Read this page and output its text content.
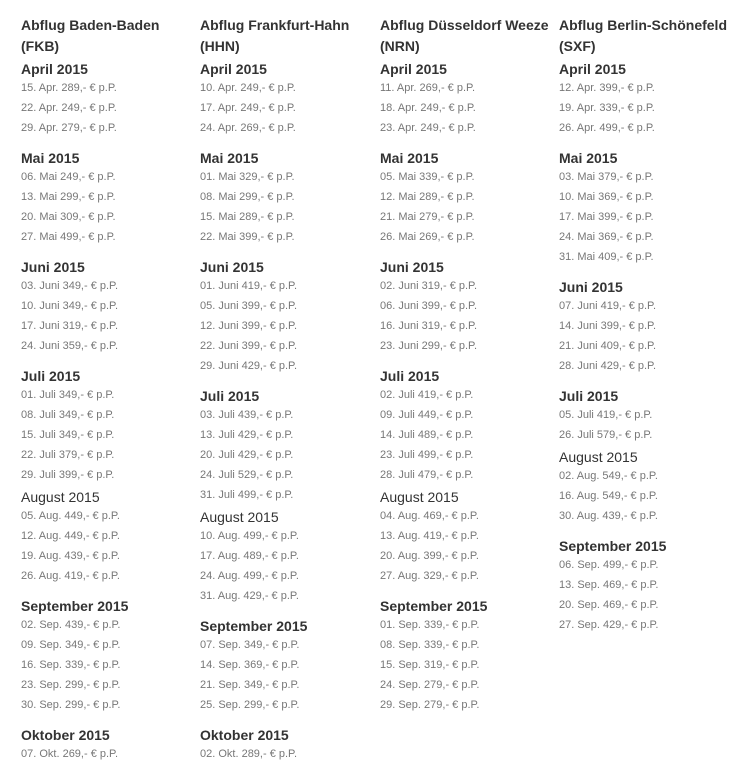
Abflug Baden-Baden
(FKB)
April 2015
15. Apr. 289,- € p.P.
22. Apr. 249,- € p.P.
29. Apr. 279,- € p.P.
Mai 2015
06. Mai 249,- € p.P.
13. Mai 299,- € p.P.
20. Mai 309,- € p.P.
27. Mai 499,- € p.P.
Juni 2015
03. Juni 349,- € p.P.
10. Juni 349,- € p.P.
17. Juni 319,- € p.P.
24. Juni 359,- € p.P.
Juli 2015
01. Juli 349,- € p.P.
08. Juli 349,- € p.P.
15. Juli 349,- € p.P.
22. Juli 379,- € p.P.
29. Juli 399,- € p.P.
August 2015
05. Aug. 449,- € p.P.
12. Aug. 449,- € p.P.
19. Aug. 439,- € p.P.
26. Aug. 419,- € p.P.
September 2015
02. Sep. 439,- € p.P.
09. Sep. 349,- € p.P.
16. Sep. 339,- € p.P.
23. Sep. 299,- € p.P.
30. Sep. 299,- € p.P.
Oktober 2015
07. Okt. 269,- € p.P.
Abflug Frankfurt-Hahn
(HHN)
April 2015
10. Apr. 249,- € p.P.
17. Apr. 249,- € p.P.
24. Apr. 269,- € p.P.
Mai 2015
01. Mai 329,- € p.P.
08. Mai 299,- € p.P.
15. Mai 289,- € p.P.
22. Mai 399,- € p.P.
Juni 2015
01. Juni 419,- € p.P.
05. Juni 399,- € p.P.
12. Juni 399,- € p.P.
22. Juni 399,- € p.P.
29. Juni 429,- € p.P.
Juli 2015
03. Juli 439,- € p.P.
13. Juli 429,- € p.P.
20. Juli 429,- € p.P.
24. Juli 529,- € p.P.
31. Juli 499,- € p.P.
August 2015
10. Aug. 499,- € p.P.
17. Aug. 489,- € p.P.
24. Aug. 499,- € p.P.
31. Aug. 429,- € p.P.
September 2015
07. Sep. 349,- € p.P.
14. Sep. 369,- € p.P.
21. Sep. 349,- € p.P.
25. Sep. 299,- € p.P.
Oktober 2015
02. Okt. 289,- € p.P.
Abflug Düsseldorf Weeze
(NRN)
April 2015
11. Apr. 269,- € p.P.
18. Apr. 249,- € p.P.
23. Apr. 249,- € p.P.
Mai 2015
05. Mai 339,- € p.P.
12. Mai 289,- € p.P.
21. Mai 279,- € p.P.
26. Mai 269,- € p.P.
Juni 2015
02. Juni 319,- € p.P.
06. Juni 399,- € p.P.
16. Juni 319,- € p.P.
23. Juni 299,- € p.P.
Juli 2015
02. Juli 419,- € p.P.
09. Juli 449,- € p.P.
14. Juli 489,- € p.P.
23. Juli 499,- € p.P.
28. Juli 479,- € p.P.
August 2015
04. Aug. 469,- € p.P.
13. Aug. 419,- € p.P.
20. Aug. 399,- € p.P.
27. Aug. 329,- € p.P.
September 2015
01. Sep. 339,- € p.P.
08. Sep. 339,- € p.P.
15. Sep. 319,- € p.P.
24. Sep. 279,- € p.P.
29. Sep. 279,- € p.P.
Abflug Berlin-Schönefeld
(SXF)
April 2015
12. Apr. 399,- € p.P.
19. Apr. 339,- € p.P.
26. Apr. 499,- € p.P.
Mai 2015
03. Mai 379,- € p.P.
10. Mai 369,- € p.P.
17. Mai 399,- € p.P.
24. Mai 369,- € p.P.
31. Mai 409,- € p.P.
Juni 2015
07. Juni 419,- € p.P.
14. Juni 399,- € p.P.
21. Juni 409,- € p.P.
28. Juni 429,- € p.P.
Juli 2015
05. Juli 419,- € p.P.
26. Juli 579,- € p.P.
August 2015
02. Aug. 549,- € p.P.
16. Aug. 549,- € p.P.
30. Aug. 439,- € p.P.
September 2015
06. Sep. 499,- € p.P.
13. Sep. 469,- € p.P.
20. Sep. 469,- € p.P.
27. Sep. 429,- € p.P.
